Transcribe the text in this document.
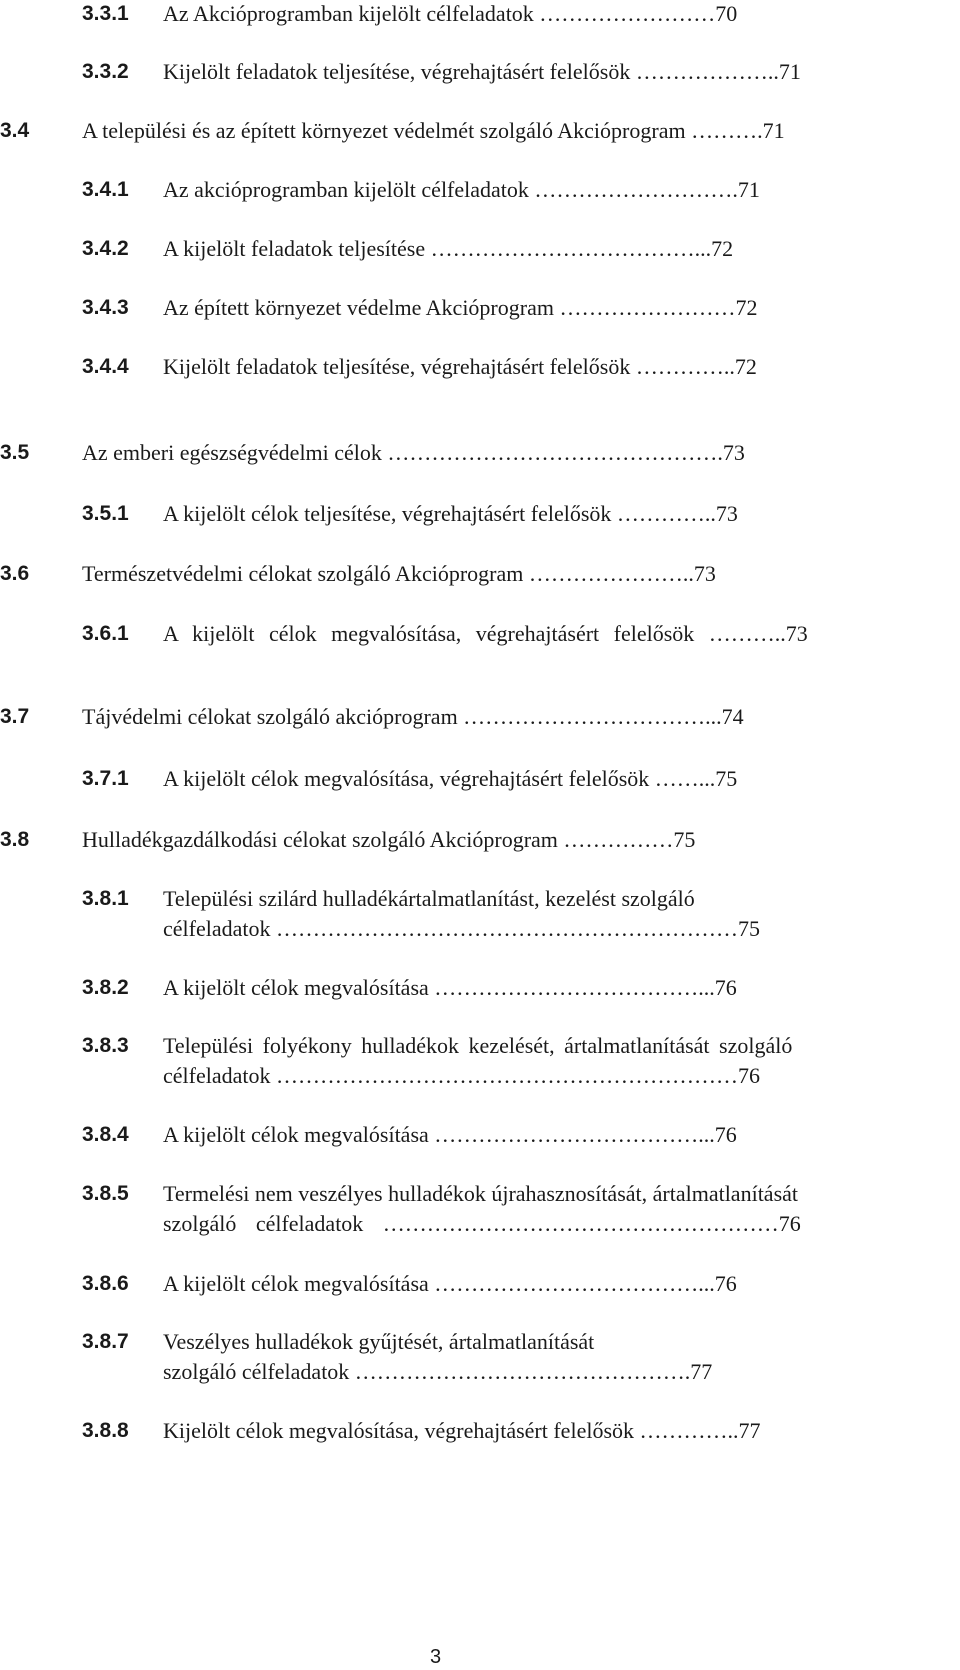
3.3.1 Az Akcióprogramban kijelölt célfeladatok ……………………70
3.3.2 Kijelölt feladatok teljesítése, végrehajtásért felelősök ………………..71
3.4 A települési és az épített környezet védelmét szolgáló Akcióprogram ……….71
3.4.1 Az akcióprogramban kijelölt célfeladatok ……………………….71
3.4.2 A kijelölt feladatok teljesítése ………………………………...72
3.4.3 Az épített környezet védelme Akcióprogram ……………………72
3.4.4 Kijelölt feladatok teljesítése, végrehajtásért felelősök …………..72
3.5 Az emberi egészségvédelmi célok ……………………………………….73
3.5.1 A kijelölt célok teljesítése, végrehajtásért felelősök …………..73
3.6 Természetvédelmi célokat szolgáló Akcióprogram …………………..73
3.6.1 A kijelölt célok megvalósítása, végrehajtásért felelősök ………..73
3.7 Tájvédelmi célokat szolgáló akcióprogram ……………………………...74
3.7.1 A kijelölt célok megvalósítása, végrehajtásért felelősök ……...75
3.8 Hulladékgazdálkodási célokat szolgáló Akcióprogram ……………75
3.8.1 Települési szilárd hulladékártalmatlanítást, kezelést szolgáló
célfeladatok ………………………………………………………75
3.8.2 A kijelölt célok megvalósítása ………………………………...76
3.8.3 Települési folyékony hulladékok kezelését, ártalmatlanítását szolgáló
célfeladatok ………………………………………………………76
3.8.4 A kijelölt célok megvalósítása ………………………………...76
3.8.5 Termelési nem veszélyes hulladékok újrahasznosítását, ártalmatlanítását
szolgáló célfeladatok ………………………………………………76
3.8.6 A kijelölt célok megvalósítása ………………………………...76
3.8.7 Veszélyes hulladékok gyűjtését, ártalmatlanítását
szolgáló célfeladatok ……………………………………….77
3.8.8 Kijelölt célok megvalósítása, végrehajtásért felelősök …………..77
3
